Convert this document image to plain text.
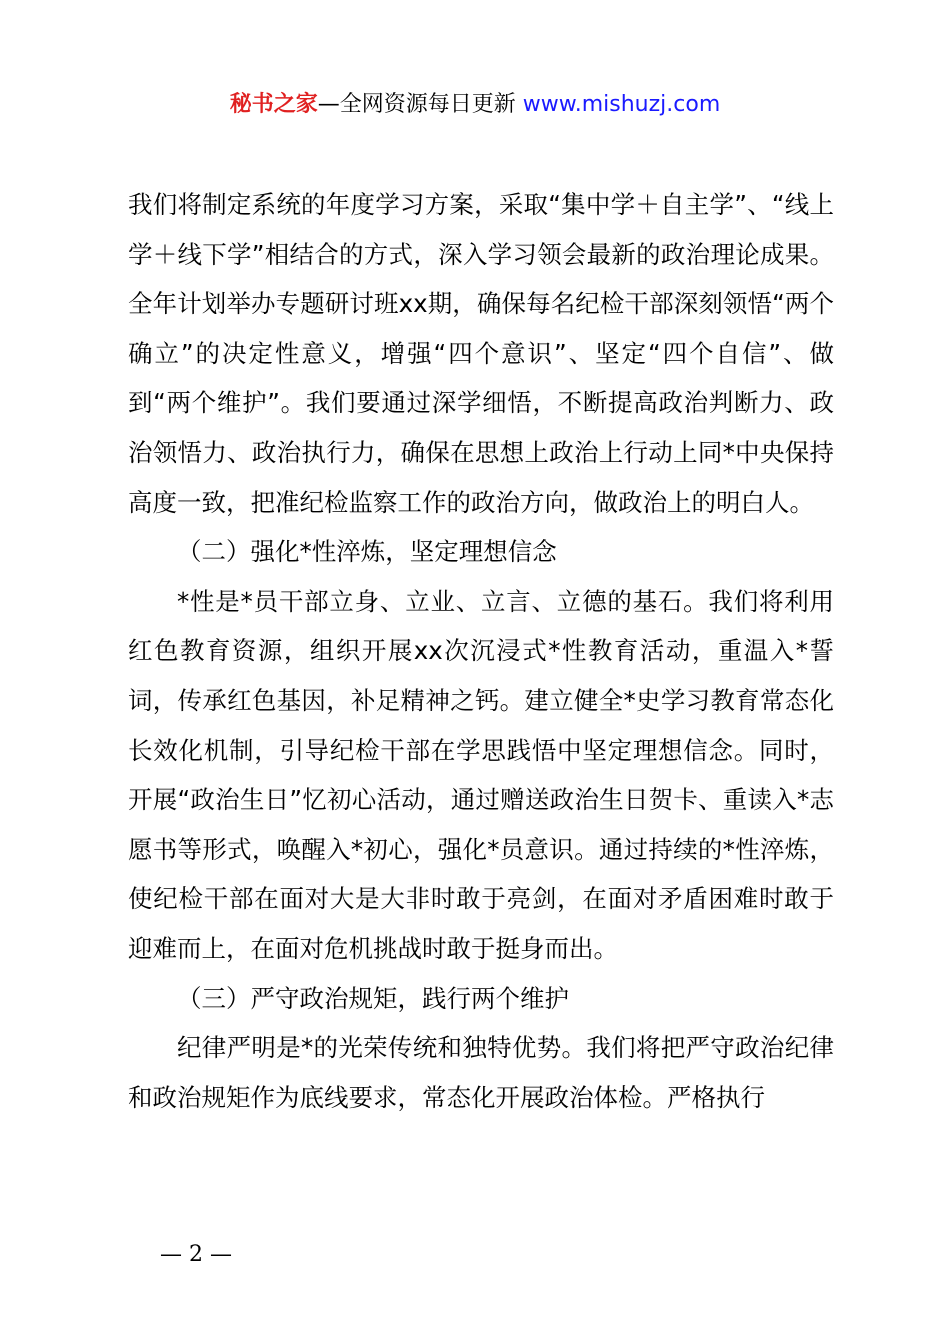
秘书之家—全网资源每日更新 www.mishuzj.com

我们将制定系统的年度学习方案，采取“集中学＋自主学”、“线上学＋线下学”相结合的方式，深入学习领会最新的政治理论成果。全年计划举办专题研讨班xx期，确保每名纪检干部深刻领悟“两个确立”的决定性意义，增强“四个意识”、坚定“四个自信”、做到“两个维护”。我们要通过深学细悟，不断提高政治判断力、政治领悟力、政治执行力，确保在思想上政治上行动上同*中央保持高度一致，把准纪检监察工作的政治方向，做政治上的明白人。

（二）强化*性淬炼，坚定理想信念

*性是*员干部立身、立业、立言、立德的基石。我们将利用红色教育资源，组织开展xx次沉浸式*性教育活动，重温入*誓词，传承红色基因，补足精神之钙。建立健全*史学习教育常态化长效化机制，引导纪检干部在学思践悟中坚定理想信念。同时，开展“政治生日”忆初心活动，通过赠送政治生日贺卡、重读入*志愿书等形式，唤醒入*初心，强化*员意识。通过持续的*性淬炼，使纪检干部在面对大是大非时敢于亮剑，在面对矛盾困难时敢于迎难而上，在面对危机挑战时敢于挺身而出。

（三）严守政治规矩，践行两个维护

纪律严明是*的光荣传统和独特优势。我们将把严守政治纪律和政治规矩作为底线要求，常态化开展政治体检。严格执行

— 2 —
